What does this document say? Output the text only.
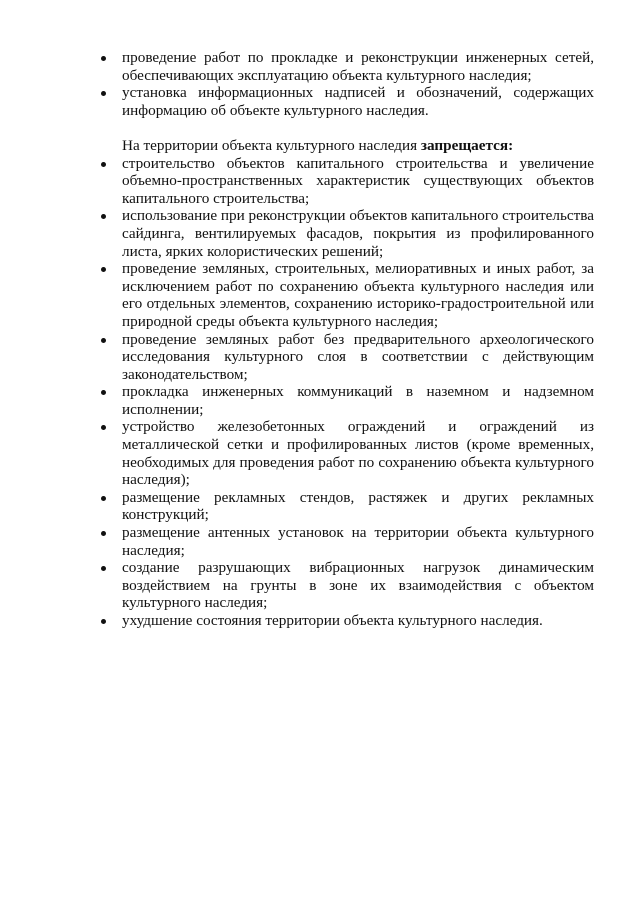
проведение работ по прокладке и реконструкции инженерных сетей, обеспечивающих эксплуатацию объекта культурного наследия;
установка информационных надписей и обозначений, содержащих информацию об объекте культурного наследия.

На территории объекта культурного наследия запрещается:

строительство объектов капитального строительства и увеличение объемно-пространственных характеристик существующих объектов капитального строительства;
использование при реконструкции объектов капитального строительства сайдинга, вентилируемых фасадов, покрытия из профилированного листа, ярких колористических решений;
проведение земляных, строительных, мелиоративных и иных работ, за исключением работ по сохранению объекта культурного наследия или его отдельных элементов, сохранению историко-градостроительной или природной среды объекта культурного наследия;
проведение земляных работ без предварительного археологического исследования культурного слоя в соответствии с действующим законодательством;
прокладка инженерных коммуникаций в наземном и надземном исполнении;
устройство железобетонных ограждений и ограждений из металлической сетки и профилированных листов (кроме временных, необходимых для проведения работ по сохранению объекта культурного наследия);
размещение рекламных стендов, растяжек и других рекламных конструкций;
размещение антенных установок на территории объекта культурного наследия;
создание разрушающих вибрационных нагрузок динамическим воздействием на грунты в зоне их взаимодействия с объектом культурного наследия;
ухудшение состояния территории объекта культурного наследия.
